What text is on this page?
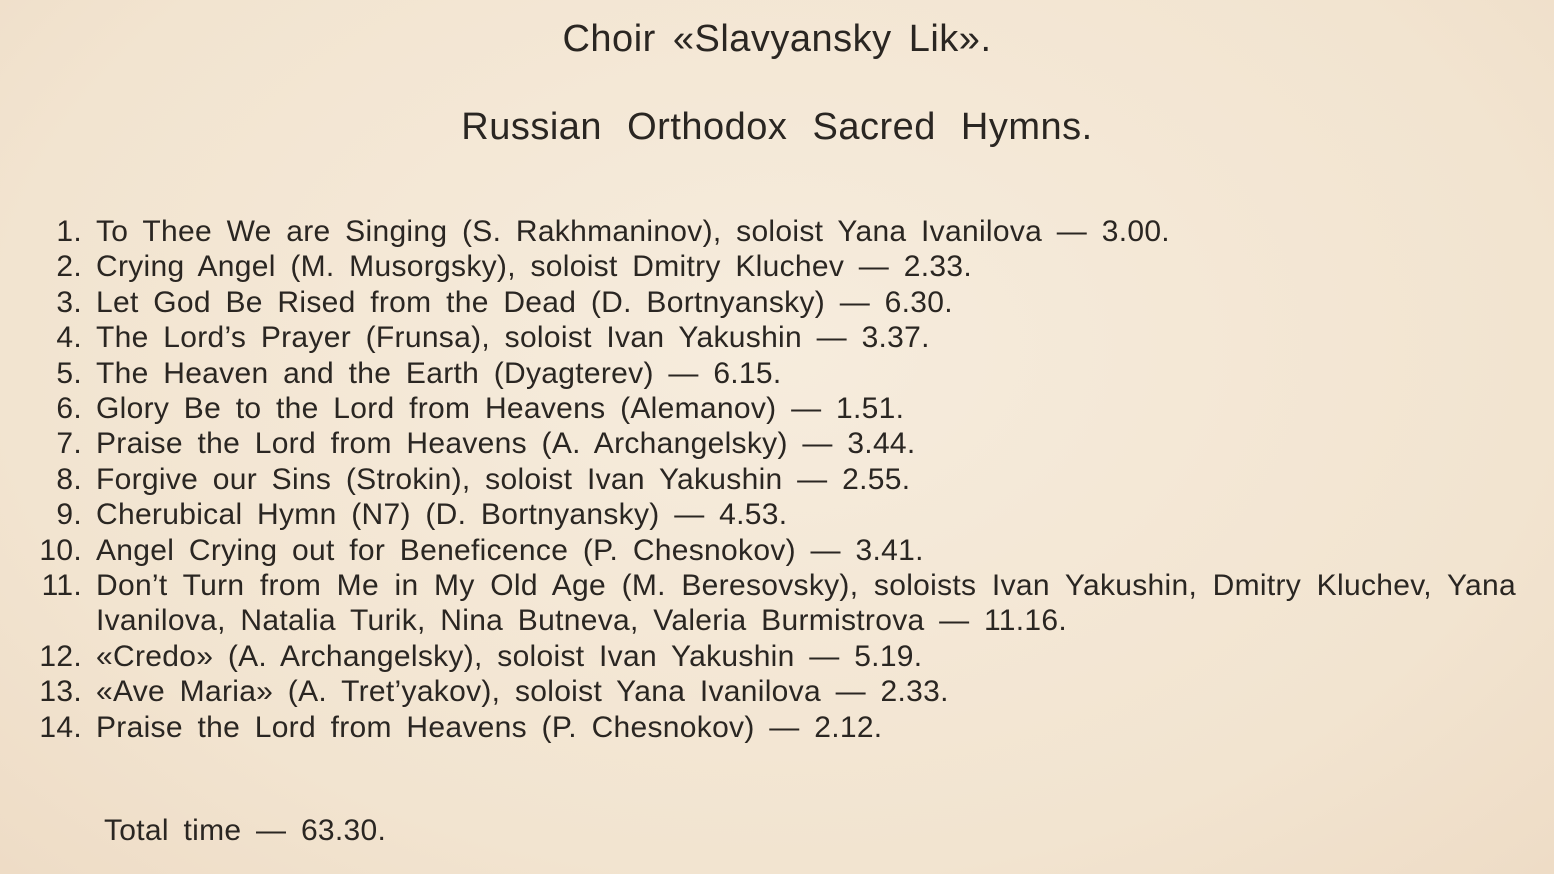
Choir «Slavyansky Lik».
Russian Orthodox Sacred Hymns.
1. To Thee We are Singing (S. Rakhmaninov), soloist Yana Ivanilova — 3.00.
2. Crying Angel (M. Musorgsky), soloist Dmitry Kluchev — 2.33.
3. Let God Be Rised from the Dead (D. Bortnyansky) — 6.30.
4. The Lord’s Prayer (Frunsa), soloist Ivan Yakushin — 3.37.
5. The Heaven and the Earth (Dyagterev) — 6.15.
6. Glory Be to the Lord from Heavens (Alemanov) — 1.51.
7. Praise the Lord from Heavens (A. Archangelsky) — 3.44.
8. Forgive our Sins (Strokin), soloist Ivan Yakushin — 2.55.
9. Cherubical Hymn (N7) (D. Bortnyansky) — 4.53.
10. Angel Crying out for Beneficence (P. Chesnokov) — 3.41.
11. Don’t Turn from Me in My Old Age (M. Beresovsky), soloists Ivan Yakushin, Dmitry Kluchev, Yana Ivanilova, Natalia Turik, Nina Butneva, Valeria Burmistrova — 11.16.
12. «Credo» (A. Archangelsky), soloist Ivan Yakushin — 5.19.
13. «Ave Maria» (A. Tret’yakov), soloist Yana Ivanilova — 2.33.
14. Praise the Lord from Heavens (P. Chesnokov) — 2.12.
Total time — 63.30.
